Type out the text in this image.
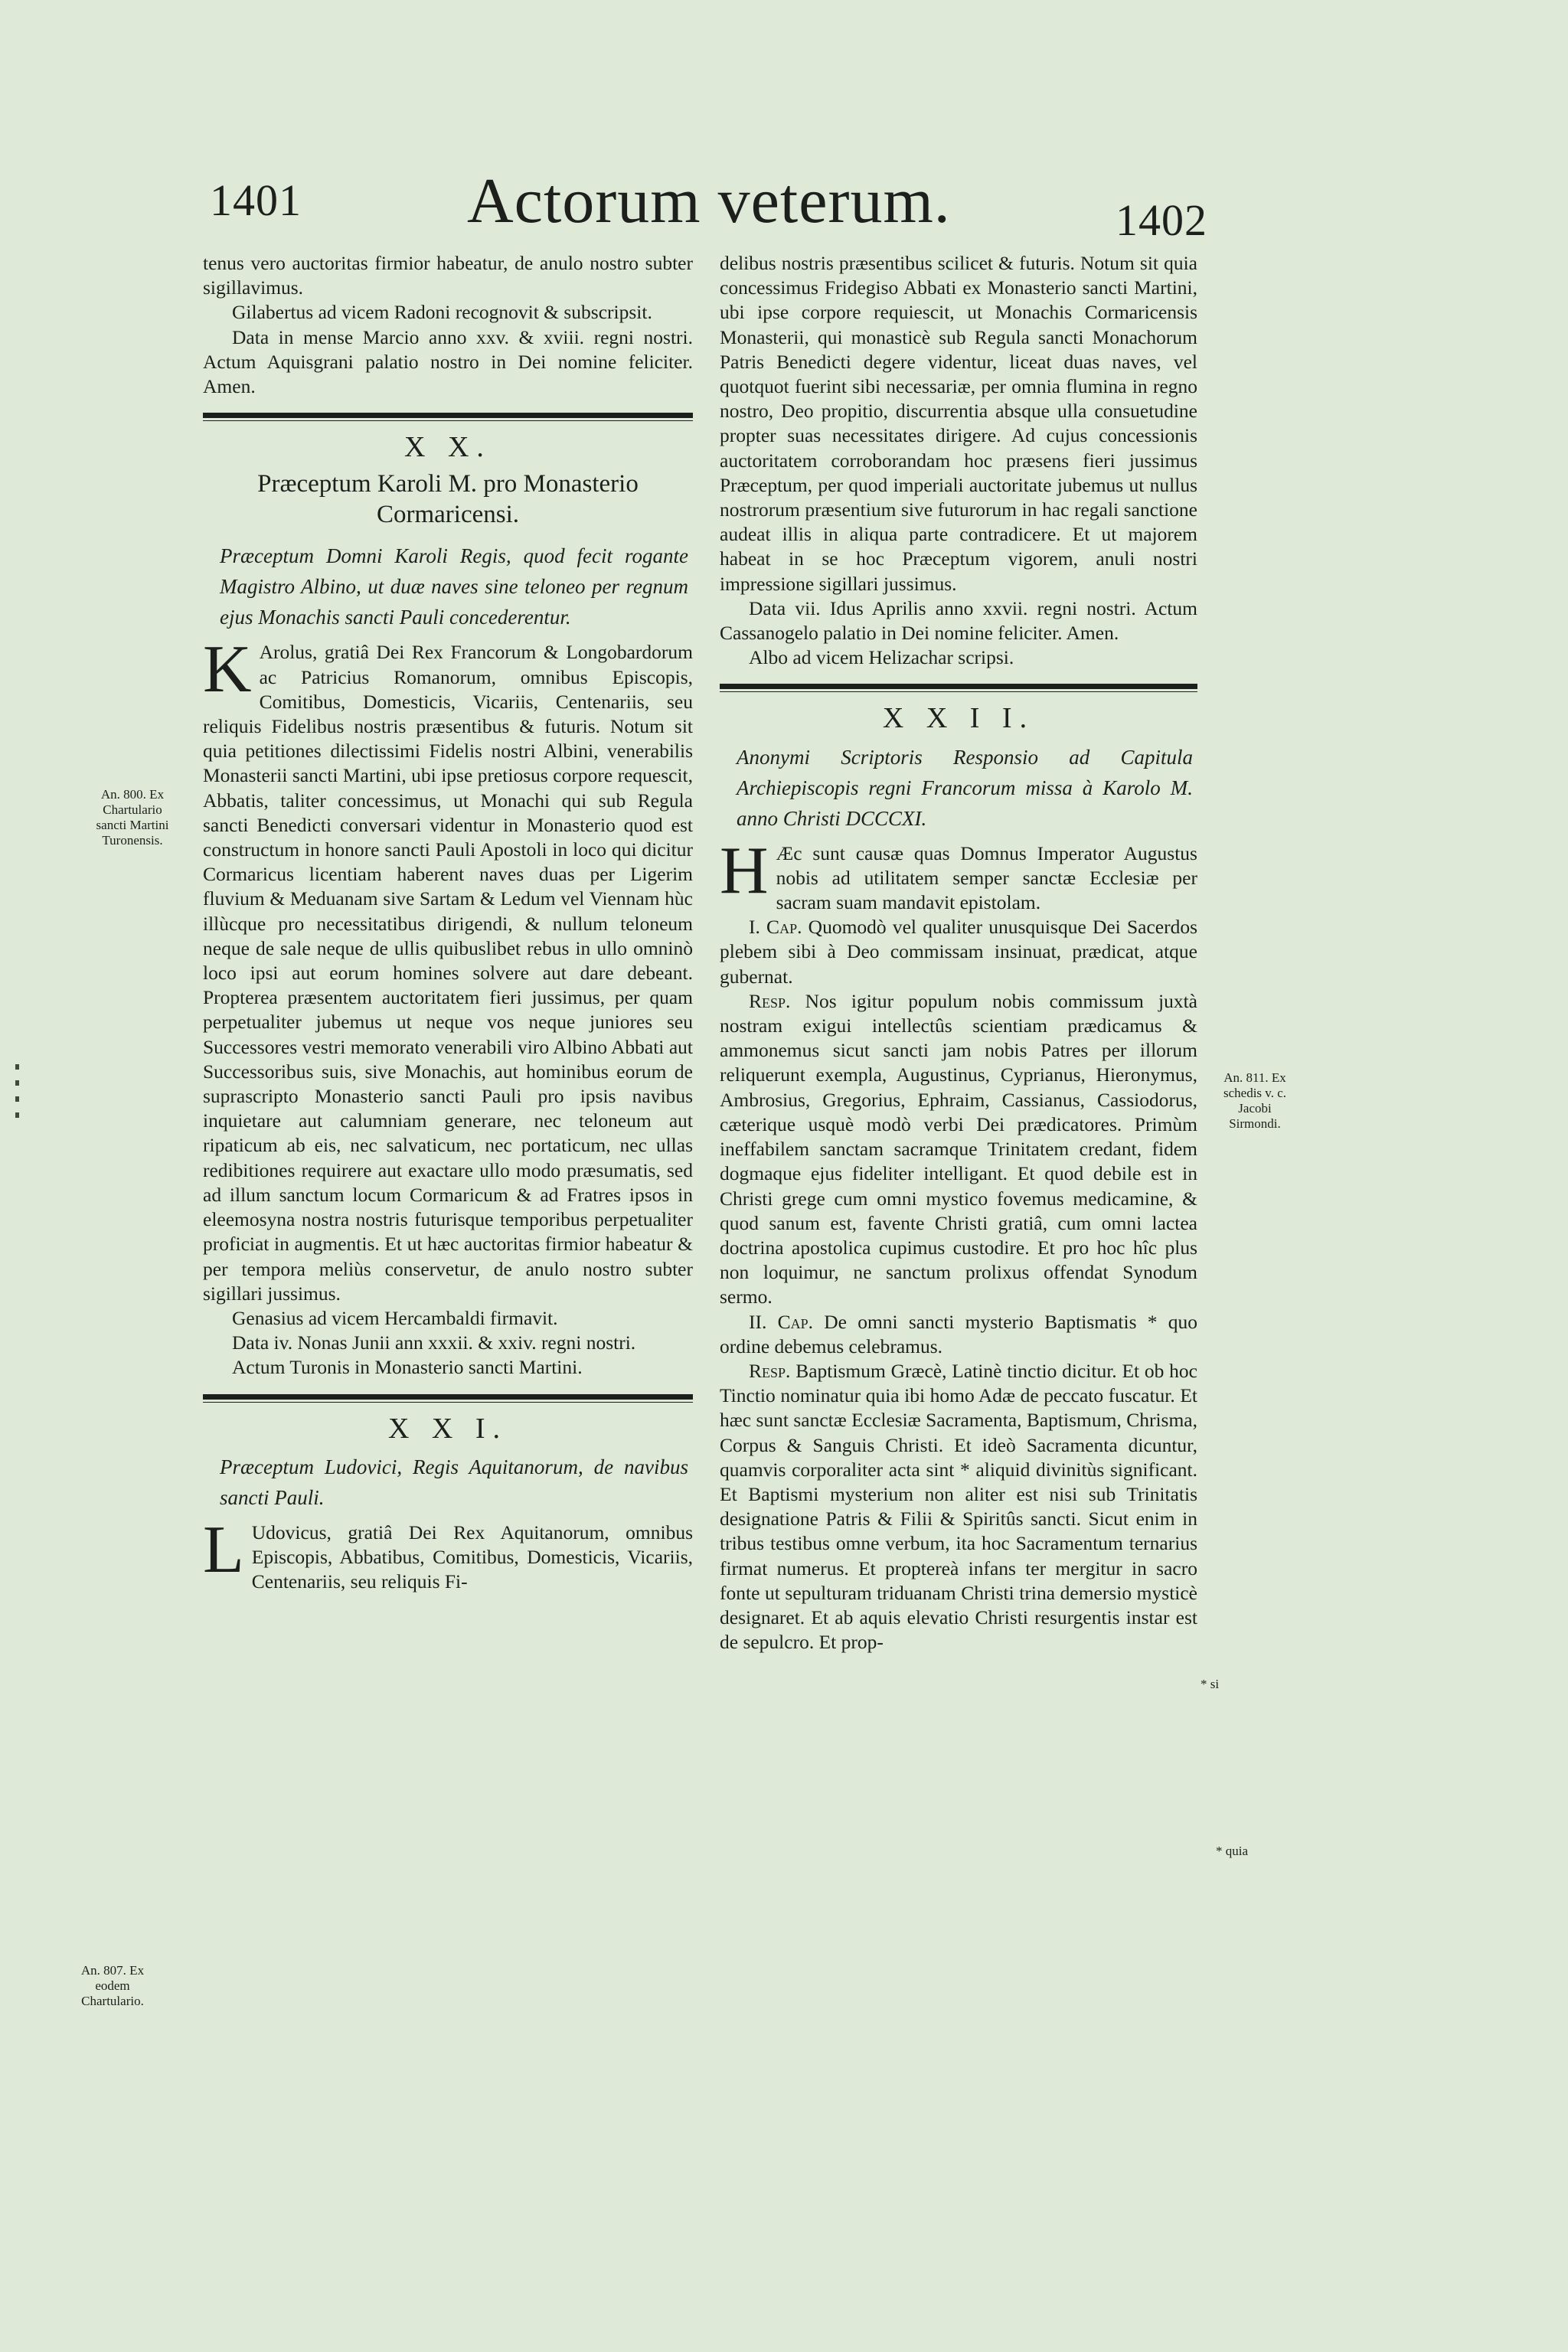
1401	Actorum veterum.	1402

tenus vero auctoritas firmior habeatur, de anulo nostro subter sigillavimus.

Gilabertus ad vicem Radoni recognovit & subscripsit.

Data in mense Marcio anno xxv. & xviii. regni nostri. Actum Aquisgrani palatio nostro in Dei nomine feliciter. Amen.

X X.
Præceptum Karoli M. pro Monasterio Cormaricensi.
Præceptum Domni Karoli Regis, quod fecit rogante Magistro Albino, ut duæ naves sine teloneo per regnum ejus Monachis sancti Pauli concederentur.

K Arolus, gratiâ Dei Rex Francorum & Longobardorum ac Patricius Romanorum, omnibus Episcopis, Comitibus, Domesticis, Vicariis, Centenariis, seu reliquis Fidelibus nostris præsentibus & futuris. Notum sit quia petitiones dilectissimi Fidelis nostri Albini, venerabilis Monasterii sancti Martini, ubi ipse pretiosus corpore requescit, Abbatis, taliter concessimus, ut Monachi qui sub Regula sancti Benedicti conversari videntur in Monasterio quod est constructum in honore sancti Pauli Apostoli in loco qui dicitur Cormaricus licentiam haberent naves duas per Ligerim fluvium & Meduanam sive Sartam & Ledum vel Viennam hùc illùcque pro necessitatibus dirigendi, & nullum teloneum neque de sale neque de ullis quibuslibet rebus in ullo omninò loco ipsi aut eorum homines solvere aut dare debeant. Propterea præsentem auctoritatem fieri jussimus, per quam perpetualiter jubemus ut neque vos neque juniores seu Successores vestri memorato venerabili viro Albino Abbati aut Successoribus suis, sive Monachis, aut hominibus eorum de suprascripto Monasterio sancti Pauli pro ipsis navibus inquietare aut calumniam generare, nec teloneum aut ripaticum ab eis, nec salvaticum, nec portaticum, nec ullas redibitiones requirere aut exactare ullo modo præsumatis, sed ad illum sanctum locum Cormaricum & ad Fratres ipsos in eleemosyna nostra nostris futurisque temporibus perpetualiter proficiat in augmentis. Et ut hæc auctoritas firmior habeatur & per tempora meliùs conservetur, de anulo nostro subter sigillari jussimus.

Genasius ad vicem Hercambaldi firmavit.

Data iv. Nonas Junii ann xxxii. & xxiv. regni nostri.

Actum Turonis in Monasterio sancti Martini.

X X I.
Præceptum Ludovici, Regis Aquitanorum, de navibus sancti Pauli.

L Udovicus, gratiâ Dei Rex Aquitanorum, omnibus Episcopis, Abbatibus, Comitibus, Domesticis, Vicariis, Centenariis, seu reliquis Fi-

delibus nostris præsentibus scilicet & futuris. Notum sit quia concessimus Fridegiso Abbati ex Monasterio sancti Martini, ubi ipse corpore requiescit, ut Monachis Cormaricensis Monasterii, qui monasticè sub Regula sancti Monachorum Patris Benedicti degere videntur, liceat duas naves, vel quotquot fuerint sibi necessariæ, per omnia flumina in regno nostro, Deo propitio, discurrentia absque ulla consuetudine propter suas necessitates dirigere. Ad cujus concessionis auctoritatem corroborandam hoc præsens fieri jussimus Præceptum, per quod imperiali auctoritate jubemus ut nullus nostrorum præsentium sive futurorum in hac regali sanctione audeat illis in aliqua parte contradicere. Et ut majorem habeat in se hoc Præceptum vigorem, anuli nostri impressione sigillari jussimus.

Data vii. Idus Aprilis anno xxvii. regni nostri. Actum Cassanogelo palatio in Dei nomine feliciter. Amen.

Albo ad vicem Helizachar scripsi.

X X I I.
Anonymi Scriptoris Responsio ad Capitula Archiepiscopis regni Francorum missa à Karolo M. anno Christi DCCCXI.

H Æc sunt causæ quas Domnus Imperator Augustus nobis ad utilitatem semper sanctæ Ecclesiæ per sacram suam mandavit epistolam.

I. Cap. Quomodò vel qualiter unusquisque Dei Sacerdos plebem sibi à Deo commissam insinuat, prædicat, atque gubernat.

Resp. Nos igitur populum nobis commissum juxtà nostram exigui intellectûs scientiam prædicamus & ammonemus sicut sancti jam nobis Patres per illorum reliquerunt exempla, Augustinus, Cyprianus, Hieronymus, Ambrosius, Gregorius, Ephraim, Cassianus, Cassiodorus, cæterique usquè modò verbi Dei prædicatores. Primùm ineffabilem sanctam sacramque Trinitatem credant, fidem dogmaque ejus fideliter intelligant. Et quod debile est in Christi grege cum omni mystico fovemus medicamine, & quod sanum est, favente Christi gratiâ, cum omni lactea doctrina apostolica cupimus custodire. Et pro hoc hîc plus non loquimur, ne sanctum prolixus offendat Synodum sermo.

II. Cap. De omni sancti mysterio Baptismatis * quo ordine debemus celebramus.

Resp. Baptismum Græcè, Latinè tinctio dicitur. Et ob hoc Tinctio nominatur quia ibi homo Adæ de peccato fuscatur. Et hæc sunt sanctæ Ecclesiæ Sacramenta, Baptismum, Chrisma, Corpus & Sanguis Christi. Et ideò Sacramenta dicuntur, quamvis corporaliter acta sint * aliquid divinitùs significant. Et Baptismi mysterium non aliter est nisi sub Trinitatis designatione Patris & Filii & Spiritûs sancti. Sicut enim in tribus testibus omne verbum, ita hoc Sacramentum ternarius firmat numerus. Et proptereà infans ter mergitur in sacro fonte ut sepulturam triduanam Christi trina demersio mysticè designaret. Et ab aquis elevatio Christi resurgentis instar est de sepulcro. Et prop-

An. 800. Ex Chartulario sancti Martini Turonensis.
An. 807. Ex eodem Chartulario.
An. 811. Ex schedis v. c. Jacobi Sirmondi.
* si
* quia
